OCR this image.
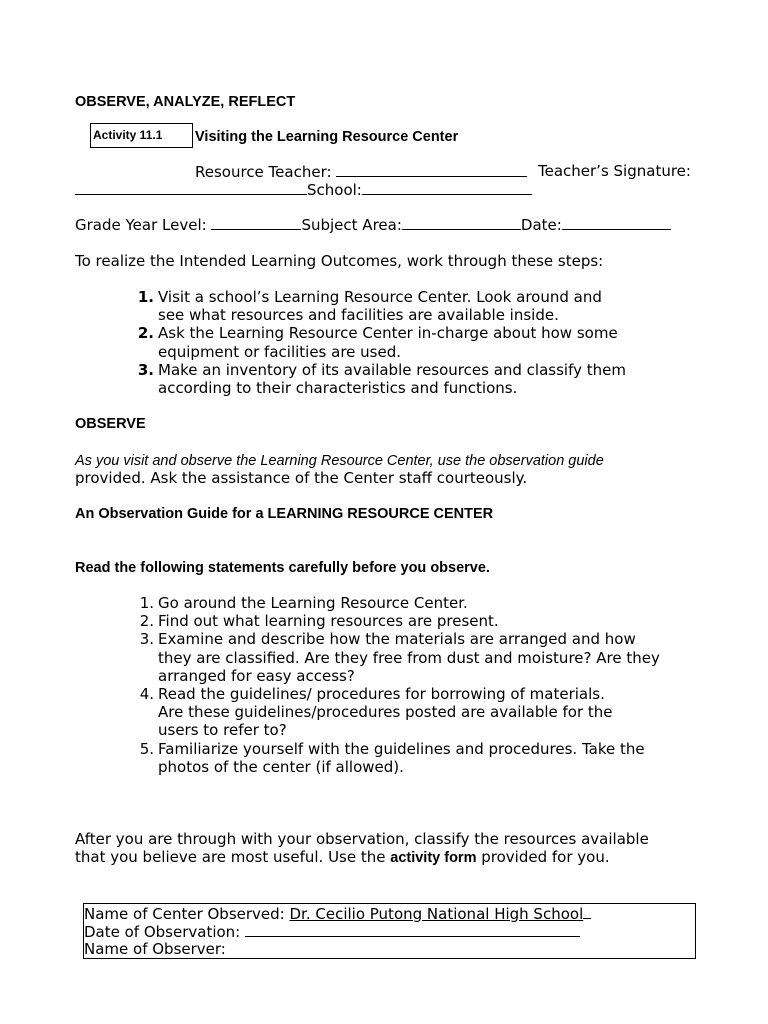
OBSERVE, ANALYZE, REFLECT
Activity 11.1	Visiting the Learning Resource Center
Resource Teacher:	Teacher’s Signature:
School:
Grade Year Level:	Subject Area:	Date:
To realize the Intended Learning Outcomes, work through these steps:
1. Visit a school’s Learning Resource Center. Look around and
see what resources and facilities are available inside.
2. Ask the Learning Resource Center in-charge about how some
equipment or facilities are used.
3. Make an inventory of its available resources and classify them
according to their characteristics and functions.
OBSERVE
As you visit and observe the Learning Resource Center, use the observation guide
provided. Ask the assistance of the Center staff courteously.
An Observation Guide for a LEARNING RESOURCE CENTER
Read the following statements carefully before you observe.
1. Go around the Learning Resource Center.
2. Find out what learning resources are present.
3. Examine and describe how the materials are arranged and how
they are classified. Are they free from dust and moisture? Are they
arranged for easy access?
4. Read the guidelines/ procedures for borrowing of materials.
Are these guidelines/procedures posted are available for the
users to refer to?
5. Familiarize yourself with the guidelines and procedures. Take the
photos of the center (if allowed).
After you are through with your observation, classify the resources available
that you believe are most useful. Use the activity form provided for you.
Name of Center Observed: Dr. Cecilio Putong National High School
Date of Observation:
Name of Observer:
